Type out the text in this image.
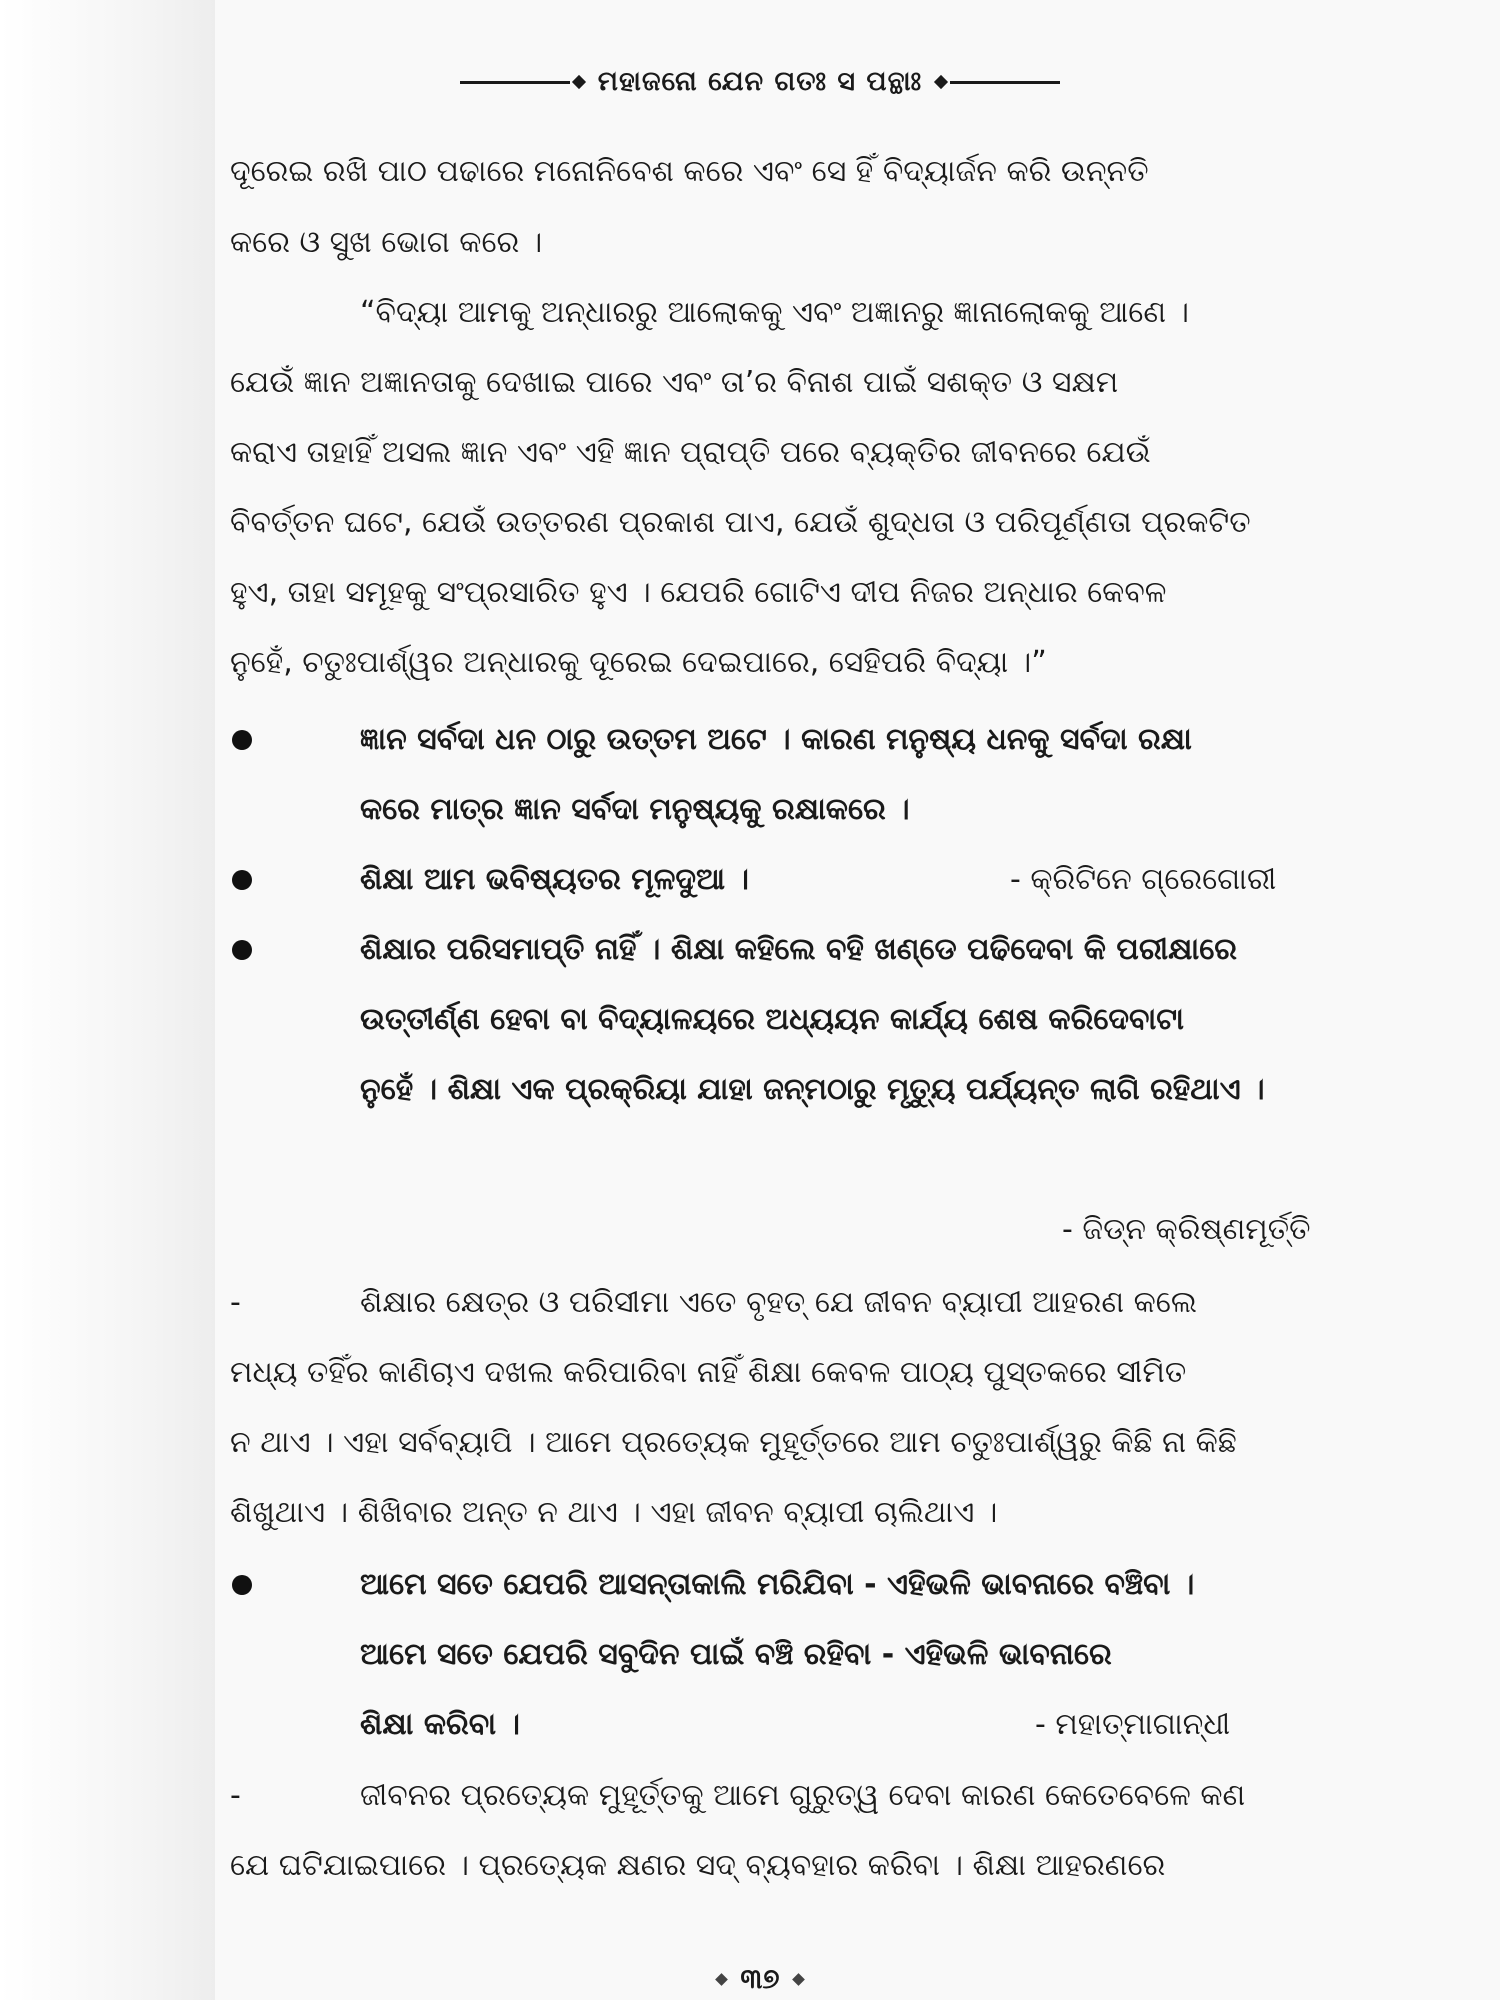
ମହାଜନୋ ଯେନ ଗତଃ ସ ପନ୍ଥାଃ
ଦୂରେଇ ରଖି ପାଠ ପଢାରେ ମନୋନିବେଶ କରେ ଏବଂ ସେ ହିଁ ବିଦ୍ୟାର୍ଜନ କରି ଉନ୍ନତି
କରେ ଓ ସୁଖ ଭୋଗ କରେ ।
“ବିଦ୍ୟା ଆମକୁ ଅନ୍ଧାରରୁ ଆଲୋକକୁ ଏବଂ ଅଜ୍ଞାନରୁ ଜ୍ଞାନାଲୋକକୁ ଆଣେ ।
ଯେଉଁ ଜ୍ଞାନ ଅଜ୍ଞାନତାକୁ ଦେଖାଇ ପାରେ ଏବଂ ତା’ର ବିନାଶ ପାଇଁ ସଶକ୍ତ ଓ ସକ୍ଷମ
କରାଏ ତାହାହିଁ ଅସଲ ଜ୍ଞାନ ଏବଂ ଏହି ଜ୍ଞାନ ପ୍ରାପ୍ତି ପରେ ବ୍ୟକ୍ତିର ଜୀବନରେ ଯେଉଁ
ବିବର୍ତ୍ତନ ଘଟେ, ଯେଉଁ ଉତ୍ତରଣ ପ୍ରକାଶ ପାଏ, ଯେଉଁ ଶୁଦ୍ଧତା ଓ ପରିପୂର୍ଣ୍ଣତା ପ୍ରକଟିତ
ହୁଏ, ତାହା ସମୂହକୁ ସଂପ୍ରସାରିତ ହୁଏ । ଯେପରି ଗୋଟିଏ ଦୀପ ନିଜର ଅନ୍ଧାର କେବଳ
ନୁହେଁ, ଚତୁଃପାର୍ଶ୍ୱର ଅନ୍ଧାରକୁ ଦୂରେଇ ଦେଇପାରେ, ସେହିପରି ବିଦ୍ୟା ।”
ଜ୍ଞାନ ସର୍ବଦା ଧନ ଠାରୁ ଉତ୍ତମ ଅଟେ । କାରଣ ମନୁଷ୍ୟ ଧନକୁ ସର୍ବଦା ରକ୍ଷା
କରେ ମାତ୍ର ଜ୍ଞାନ ସର୍ବଦା ମନୁଷ୍ୟକୁ ରକ୍ଷାକରେ ।
ଶିକ୍ଷା ଆମ ଭବିଷ୍ୟତର ମୂଳଦୁଆ ।	- କ୍ରିଟିନେ ଗ୍ରେଗୋରୀ
ଶିକ୍ଷାର ପରିସମାପ୍ତି ନାହିଁ । ଶିକ୍ଷା କହିଲେ ବହି ଖଣ୍ଡେ ପଢିଦେବା କି ପରୀକ୍ଷାରେ
ଉତ୍ତୀର୍ଣ୍ଣ ହେବା ବା ବିଦ୍ୟାଳୟରେ ଅଧ୍ୟୟନ କାର୍ଯ୍ୟ ଶେଷ କରିଦେବାଟା
ନୁହେଁ । ଶିକ୍ଷା ଏକ ପ୍ରକ୍ରିୟା ଯାହା ଜନ୍ମଠାରୁ ମୃତ୍ୟୁ ପର୍ଯ୍ୟନ୍ତ ଲାଗି ରହିଥାଏ ।
- ଜିଡ୍ନ କ୍ରିଷ୍ଣମୂର୍ତ୍ତି
-	ଶିକ୍ଷାର କ୍ଷେତ୍ର ଓ ପରିସୀମା ଏତେ ବୃହତ୍ ଯେ ଜୀବନ ବ୍ୟାପୀ ଆହରଣ କଲେ
ମଧ୍ୟ ତହିଁର କାଣିଚାଏ ଦଖଲ କରିପାରିବା ନାହିଁ ଶିକ୍ଷା କେବଳ ପାଠ୍ୟ ପୁସ୍ତକରେ ସୀମିତ
ନ ଥାଏ । ଏହା ସର୍ବବ୍ୟାପି । ଆମେ ପ୍ରତ୍ୟେକ ମୁହୂର୍ତ୍ତରେ ଆମ ଚତୁଃପାର୍ଶ୍ୱରୁ କିଛି ନା କିଛି
ଶିଖୁଥାଏ । ଶିଖିବାର ଅନ୍ତ ନ ଥାଏ । ଏହା ଜୀବନ ବ୍ୟାପୀ ଚାଲିଥାଏ ।
ଆମେ ସତେ ଯେପରି ଆସନ୍ତାକାଲି ମରିଯିବା - ଏହିଭଳି ଭାବନାରେ ବଞ୍ଚିବା ।
ଆମେ ସତେ ଯେପରି ସବୁଦିନ ପାଇଁ ବଞ୍ଚି ରହିବା - ଏହିଭଳି ଭାବନାରେ
ଶିକ୍ଷା କରିବା ।	- ମହାତ୍ମାଗାନ୍ଧୀ
-	ଜୀବନର ପ୍ରତ୍ୟେକ ମୁହୂର୍ତ୍ତକୁ ଆମେ ଗୁରୁତ୍ୱ ଦେବା କାରଣ କେତେବେଳେ କଣ
ଯେ ଘଟିଯାଇପାରେ । ପ୍ରତ୍ୟେକ କ୍ଷଣର ସଦ୍ ବ୍ୟବହାର କରିବା । ଶିକ୍ଷା ଆହରଣରେ
୩୭
